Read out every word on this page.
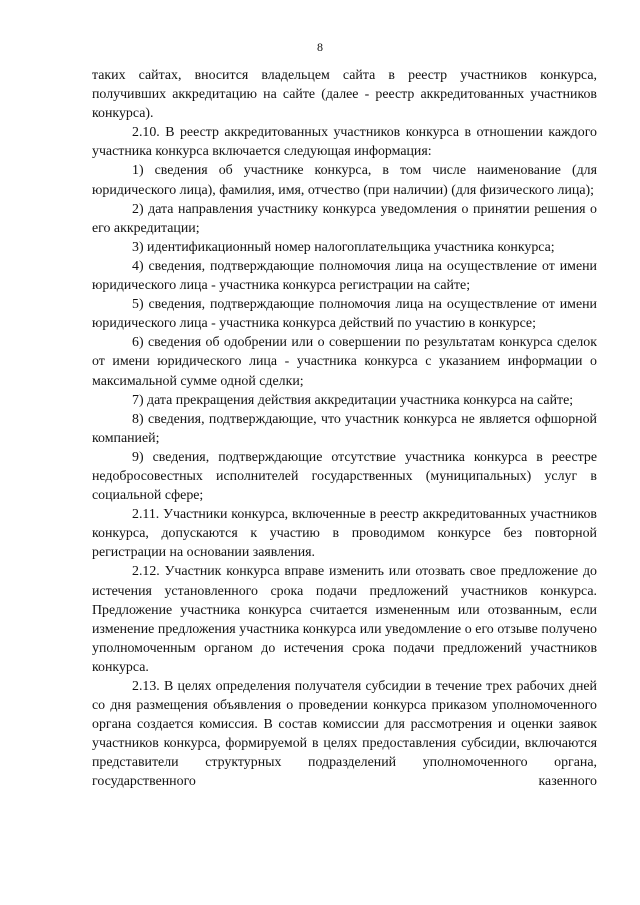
8

таких сайтах, вносится владельцем сайта в реестр участников конкурса, получивших аккредитацию на сайте (далее - реестр аккредитованных участников конкурса).

2.10. В реестр аккредитованных участников конкурса в отношении каждого участника конкурса включается следующая информация:

1) сведения об участнике конкурса, в том числе наименование (для юридического лица), фамилия, имя, отчество (при наличии) (для физического лица);

2) дата направления участнику конкурса уведомления о принятии решения о его аккредитации;

3) идентификационный номер налогоплательщика участника конкурса;

4) сведения, подтверждающие полномочия лица на осуществление от имени юридического лица - участника конкурса регистрации на сайте;

5) сведения, подтверждающие полномочия лица на осуществление от имени юридического лица - участника конкурса действий по участию в конкурсе;

6) сведения об одобрении или о совершении по результатам конкурса сделок от имени юридического лица - участника конкурса с указанием информации о максимальной сумме одной сделки;

7) дата прекращения действия аккредитации участника конкурса на сайте;

8) сведения, подтверждающие, что участник конкурса не является офшорной компанией;

9) сведения, подтверждающие отсутствие участника конкурса в реестре недобросовестных исполнителей государственных (муниципальных) услуг в социальной сфере;

2.11. Участники конкурса, включенные в реестр аккредитованных участников конкурса, допускаются к участию в проводимом конкурсе без повторной регистрации на основании заявления.

2.12. Участник конкурса вправе изменить или отозвать свое предложение до истечения установленного срока подачи предложений участников конкурса. Предложение участника конкурса считается измененным или отозванным, если изменение предложения участника конкурса или уведомление о его отзыве получено уполномоченным органом до истечения срока подачи предложений участников конкурса.

2.13. В целях определения получателя субсидии в течение трех рабочих дней со дня размещения объявления о проведении конкурса приказом уполномоченного органа создается комиссия. В состав комиссии для рассмотрения и оценки заявок участников конкурса, формируемой в целях предоставления субсидии, включаются представители структурных подразделений уполномоченного органа, государственного казенного
